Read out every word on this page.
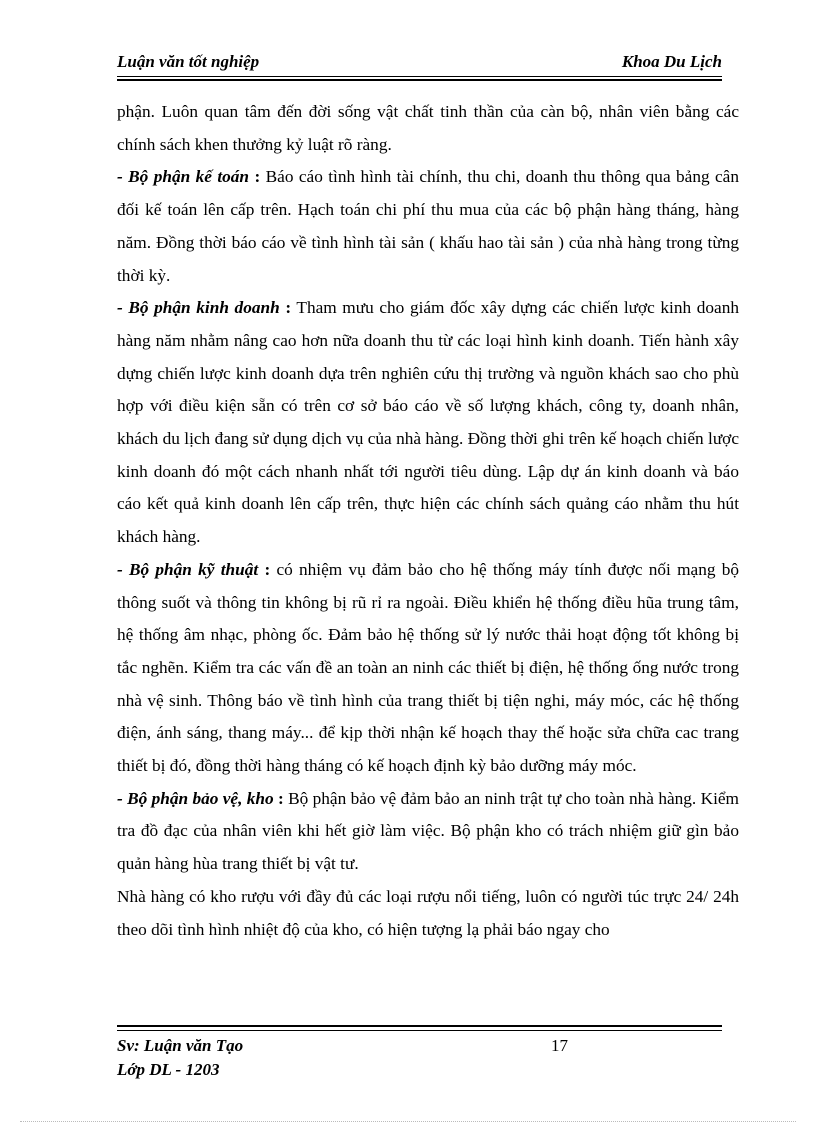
Luận văn tốt nghiệp	Khoa Du Lịch

phận. Luôn quan tâm đến đời sống vật chất tinh thần của càn bộ, nhân viên bằng các chính sách khen thưởng kỷ luật rõ ràng.

- Bộ phận kế toán : Báo cáo tình hình tài chính, thu chi, doanh thu thông qua bảng cân đối kế toán lên cấp trên. Hạch toán chi phí thu mua của các bộ phận hàng tháng, hàng năm. Đồng thời báo cáo về tình hình tài sản ( khấu hao tài sản ) của nhà hàng trong từng thời kỳ.

- Bộ phận kinh doanh : Tham mưu cho giám đốc xây dựng các chiến lược kinh doanh hàng năm nhằm nâng cao hơn nữa doanh thu từ các loại hình kinh doanh. Tiến hành xây dựng chiến lược kinh doanh dựa trên nghiên cứu thị trường và nguồn khách sao cho phù hợp với điều kiện sẵn có trên cơ sở báo cáo về số lượng khách, công ty, doanh nhân, khách du lịch đang sử dụng dịch vụ của nhà hàng. Đồng thời ghi trên kế hoạch chiến lược kinh doanh đó một cách nhanh nhất tới người tiêu dùng. Lập dự án kinh doanh và báo cáo kết quả kinh doanh lên cấp trên, thực hiện các chính sách quảng cáo nhằm thu hút khách hàng.

- Bộ phận kỹ thuật : có nhiệm vụ đảm bảo cho hệ thống máy tính được nối mạng bộ thông suốt và thông tin không bị rũ rỉ ra ngoài. Điều khiển hệ thống điều hũa trung tâm, hệ thống âm nhạc, phòng ốc. Đảm bảo hệ thống sử lý nước thải hoạt động tốt không bị tắc nghẽn. Kiểm tra các vấn đề an toàn an ninh các thiết bị điện, hệ thống ống nước trong nhà vệ sinh. Thông báo về tình hình của trang thiết bị tiện nghi, máy móc, các hệ thống điện, ánh sáng, thang máy... để kịp thời nhận kế hoạch thay thế hoặc sửa chữa cac trang thiết bị đó, đồng thời hàng tháng có kế hoạch định kỳ bảo dưỡng máy móc.

- Bộ phận bảo vệ, kho : Bộ phận bảo vệ đảm bảo an ninh trật tự cho toàn nhà hàng. Kiểm tra đồ đạc của nhân viên khi hết giờ làm việc. Bộ phận kho có trách nhiệm giữ gìn bảo quản hàng hùa trang thiết bị vật tư.

Nhà hàng có kho rượu với đầy đủ các loại rượu nổi tiếng, luôn có người túc trực 24/ 24h theo dõi tình hình nhiệt độ của kho, có hiện tượng lạ phải báo ngay cho

Sv: Luận văn Tạo
Lớp DL - 1203
17
